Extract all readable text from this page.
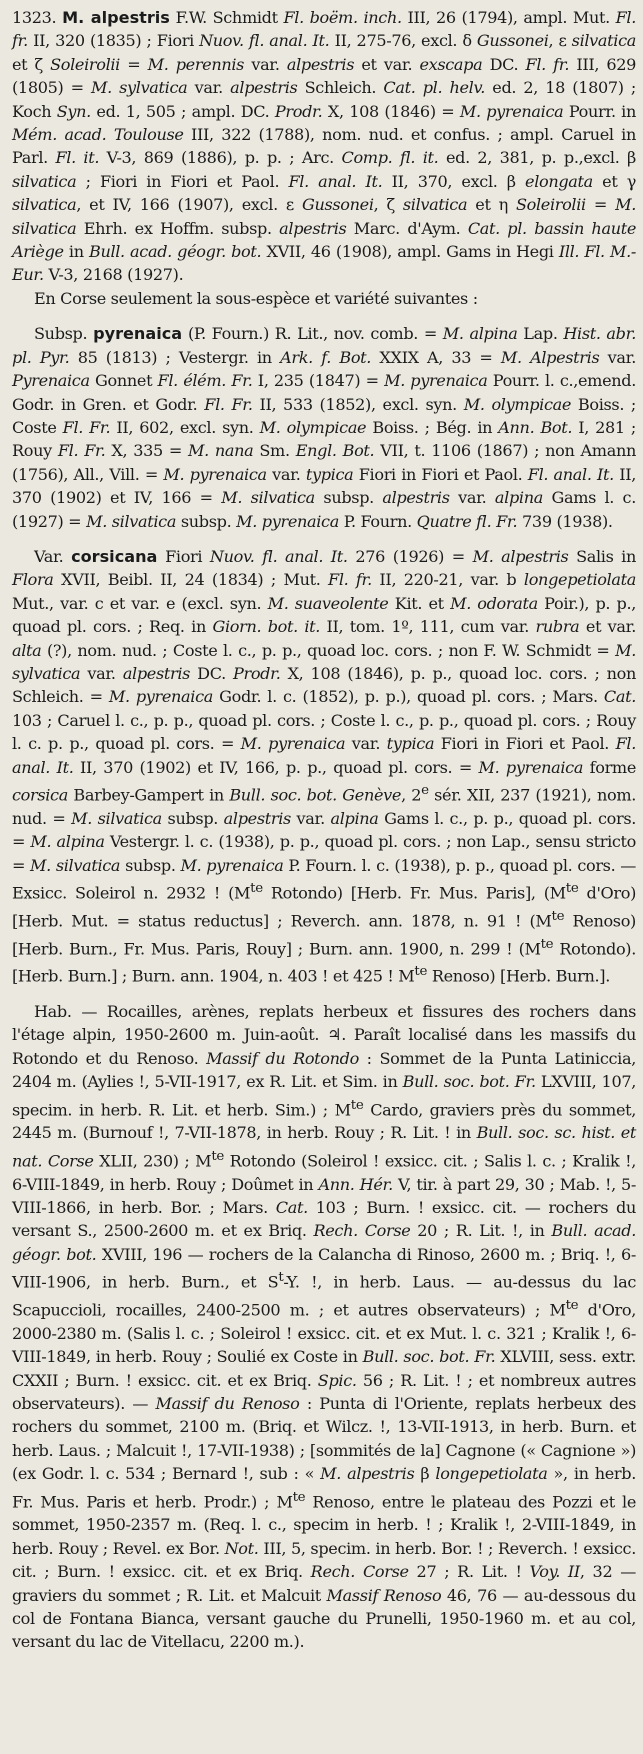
1323. M. alpestris F.W. Schmidt Fl. boëm. inch. III, 26 (1794), ampl. Mut. Fl. fr. II, 320 (1835) ; Fiori Nuov. fl. anal. It. II, 275-76, excl. δ Gussonei, ε silvatica et ζ Soleirolii = M. perennis var. alpestris et var. exscapa DC. Fl. fr. III, 629 (1805) = M. sylvatica var. alpestris Schleich. Cat. pl. helv. ed. 2, 18 (1807) ; Koch Syn. ed. 1, 505 ; ampl. DC. Prodr. X, 108 (1846) = M. pyrenaica Pourr. in Mém. acad. Toulouse III, 322 (1788), nom. nud. et confus. ; ampl. Caruel in Parl. Fl. it. V-3, 869 (1886), p. p. ; Arc. Comp. fl. it. ed. 2, 381, p. p.,excl. β silvatica ; Fiori in Fiori et Paol. Fl. anal. It. II, 370, excl. β elongata et γ silvatica, et IV, 166 (1907), excl. ε Gussonei, ζ silvatica et η Soleirolii = M. silvatica Ehrh. ex Hoffm. subsp. alpestris Marc. d'Aym. Cat. pl. bassin haute Ariège in Bull. acad. géogr. bot. XVII, 46 (1908), ampl. Gams in Hegi Ill. Fl. M.-Eur. V-3, 2168 (1927).

En Corse seulement la sous-espèce et variété suivantes :

Subsp. pyrenaica (P. Fourn.) R. Lit., nov. comb. = M. alpina Lap. Hist. abr. pl. Pyr. 85 (1813) ; Vestergr. in Ark. f. Bot. XXIX A, 33 = M. Alpestris var. Pyrenaica Gonnet Fl. élém. Fr. I, 235 (1847) = M. pyrenaica Pourr. l. c.,emend. Godr. in Gren. et Godr. Fl. Fr. II, 533 (1852), excl. syn. M. olympicae Boiss. ; Coste Fl. Fr. II, 602, excl. syn. M. olympicae Boiss. ; Bég. in Ann. Bot. I, 281 ; Rouy Fl. Fr. X, 335 = M. nana Sm. Engl. Bot. VII, t. 1106 (1867) ; non Amann (1756), All., Vill. = M. pyrenaica var. typica Fiori in Fiori et Paol. Fl. anal. It. II, 370 (1902) et IV, 166 = M. silvatica subsp. alpestris var. alpina Gams l. c. (1927) = M. silvatica subsp. M. pyrenaica P. Fourn. Quatre fl. Fr. 739 (1938).

Var. corsicana Fiori Nuov. fl. anal. It. 276 (1926) = M. alpestris Salis in Flora XVII, Beibl. II, 24 (1834) ; Mut. Fl. fr. II, 220-21, var. b longepetiolata Mut., var. c et var. e (excl. syn. M. suaveolente Kit. et M. odorata Poir.), p. p., quoad pl. cors. ; Req. in Giorn. bot. it. II, tom. 1º, 111, cum var. rubra et var. alta (?), nom. nud. ; Coste l. c., p. p., quoad loc. cors. ; non F. W. Schmidt = M. sylvatica var. alpestris DC. Prodr. X, 108 (1846), p. p., quoad loc. cors. ; non Schleich. = M. pyrenaica Godr. l. c. (1852), p. p.), quoad pl. cors. ; Mars. Cat. 103 ; Caruel l. c., p. p., quoad pl. cors. ; Coste l. c., p. p., quoad pl. cors. ; Rouy l. c. p. p., quoad pl. cors. = M. pyrenaica var. typica Fiori in Fiori et Paol. Fl. anal. It. II, 370 (1902) et IV, 166, p. p., quoad pl. cors. = M. pyrenaica forme corsica Barbey-Gampert in Bull. soc. bot. Genève, 2e sér. XII, 237 (1921), nom. nud. = M. silvatica subsp. alpestris var. alpina Gams l. c., p. p., quoad pl. cors. = M. alpina Vestergr. l. c. (1938), p. p., quoad pl. cors. ; non Lap., sensu stricto = M. silvatica subsp. M. pyrenaica P. Fourn. l. c. (1938), p. p., quoad pl. cors. — Exsicc. Soleirol n. 2932 ! ($M^{te}$ Rotondo) [Herb. Fr. Mus. Paris], ($M^{te}$ d'Oro) [Herb. Mut. = status reductus] ; Reverch. ann. 1878, n. 91 ! ($M^{te}$ Renoso) [Herb. Burn., Fr. Mus. Paris, Rouy] ; Burn. ann. 1900, n. 299 ! ($M^{te}$ Rotondo). [Herb. Burn.] ; Burn. ann. 1904, n. 403 ! et 425 ! $M^{te}$ Renoso) [Herb. Burn.].

Hab. — Rocailles, arènes, replats herbeux et fissures des rochers dans l'étage alpin, 1950-2600 m. Juin-août. ♃. Paraît localisé dans les massifs du Rotondo et du Renoso. Massif du Rotondo : Sommet de la Punta Latiniccia, 2404 m. (Aylies !, 5-VII-1917, ex R. Lit. et Sim. in Bull. soc. bot. Fr. LXVIII, 107, specim. in herb. R. Lit. et herb. Sim.) ; $M^{te}$ Cardo, graviers près du sommet, 2445 m. (Burnouf !, 7-VII-1878, in herb. Rouy ; R. Lit. ! in Bull. soc. sc. hist. et nat. Corse XLII, 230) ; $M^{te}$ Rotondo (Soleirol ! exsicc. cit. ; Salis l. c. ; Kralik !, 6-VIII-1849, in herb. Rouy ; Doûmet in Ann. Hér. V, tir. à part 29, 30 ; Mab. !, 5-VIII-1866, in herb. Bor. ; Mars. Cat. 103 ; Burn. ! exsicc. cit. — rochers du versant S., 2500-2600 m. et ex Briq. Rech. Corse 20 ; R. Lit. !, in Bull. acad. géogr. bot. XVIII, 196 — rochers de la Calancha di Rinoso, 2600 m. ; Briq. !, 6-VIII-1906, in herb. Burn., et $S^t-Y$. !, in herb. Laus. — au-dessus du lac Scapuccioli, rocailles, 2400-2500 m. ; et autres observateurs) ; $M^{te}$ d'Oro, 2000-2380 m. (Salis l. c. ; Soleirol ! exsicc. cit. et ex Mut. l. c. 321 ; Kralik !, 6-VIII-1849, in herb. Rouy ; Soulié ex Coste in Bull. soc. bot. Fr. XLVIII, sess. extr. CXXII ; Burn. ! exsicc. cit. et ex Briq. Spic. 56 ; R. Lit. ! ; et nombreux autres observateurs). — Massif du Renoso : Punta di l'Oriente, replats herbeux des rochers du sommet, 2100 m. (Briq. et Wilcz. !, 13-VII-1913, in herb. Burn. et herb. Laus. ; Malcuit !, 17-VII-1938) ; [sommités de la] Cagnone (« Cagnione ») (ex Godr. l. c. 534 ; Bernard !, sub : « M. alpestris β longepetiolata », in herb. Fr. Mus. Paris et herb. Prodr.) ; $M^{te}$ Renoso, entre le plateau des Pozzi et le sommet, 1950-2357 m. (Req. l. c., specim in herb. ! ; Kralik !, 2-VIII-1849, in herb. Rouy ; Revel. ex Bor. Not. III, 5, specim. in herb. Bor. ! ; Reverch. ! exsicc. cit. ; Burn. ! exsicc. cit. et ex Briq. Rech. Corse 27 ; R. Lit. ! Voy. II, 32 — graviers du sommet ; R. Lit. et Malcuit Massif Renoso 46, 76 — au-dessous du col de Fontana Bianca, versant gauche du Prunelli, 1950-1960 m. et au col, versant du lac de Vitellacu, 2200 m.).
